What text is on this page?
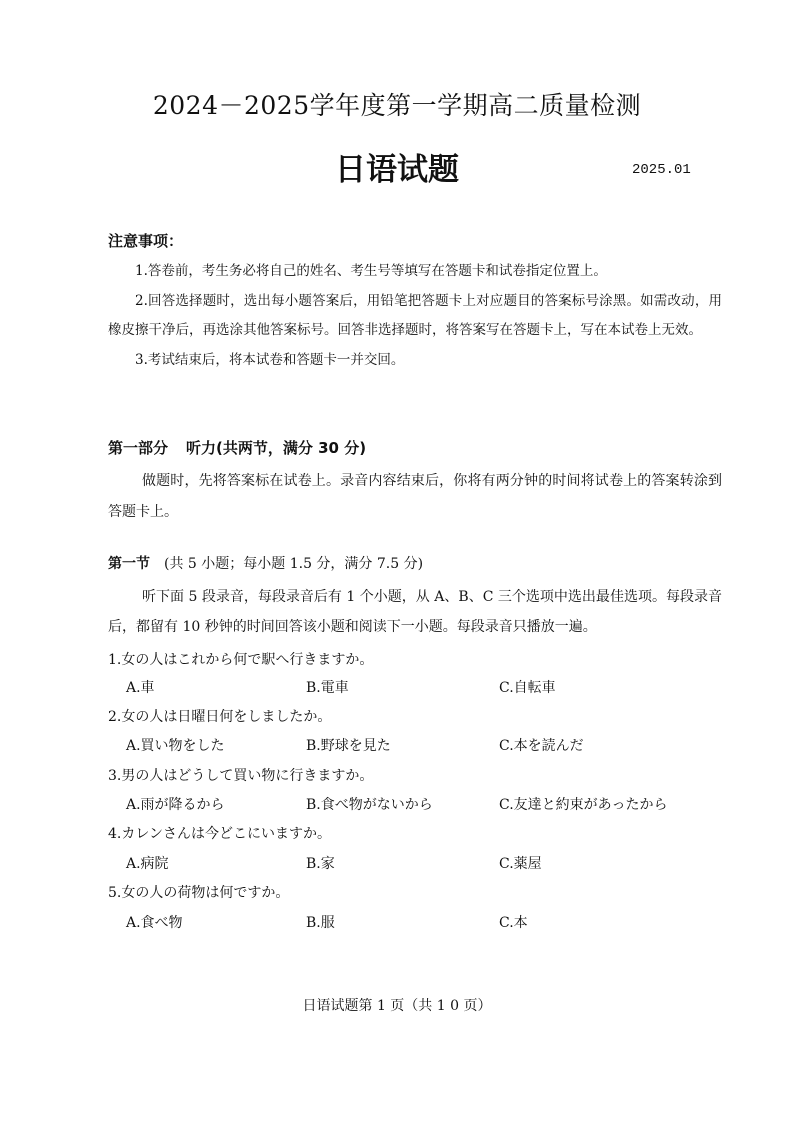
2024－2025学年度第一学期高二质量检测
日语试题	2025.01
注意事项：

1.答卷前，考生务必将自己的姓名、考生号等填写在答题卡和试卷指定位置上。

2.回答选择题时，选出每小题答案后，用铅笔把答题卡上对应题目的答案标号涂黑。如需改动，用橡皮擦干净后，再选涂其他答案标号。回答非选择题时，将答案写在答题卡上，写在本试卷上无效。

3.考试结束后，将本试卷和答题卡一并交回。

第一部分 听力(共两节，满分 30 分)

做题时，先将答案标在试卷上。录音内容结束后，你将有两分钟的时间将试卷上的答案转涂到答题卡上。

第一节 (共 5 小题；每小题 1.5 分，满分 7.5 分)

听下面 5 段录音，每段录音后有 1 个小题，从 A、B、C 三个选项中选出最佳选项。每段录音后，都留有 10 秒钟的时间回答该小题和阅读下一小题。每段录音只播放一遍。

1.女の人はこれから何で駅へ行きますか。
A.車	B.電車	C.自転車
2.女の人は日曜日何をしましたか。
A.買い物をした	B.野球を見た	C.本を読んだ
3.男の人はどうして買い物に行きますか。
A.雨が降るから	B.食べ物がないから	C.友達と約束があったから
4.カレンさんは今どこにいますか。
A.病院	B.家	C.薬屋
5.女の人の荷物は何ですか。
A.食べ物	B.服	C.本
日语试题第 1 页（共 1 0 页）
